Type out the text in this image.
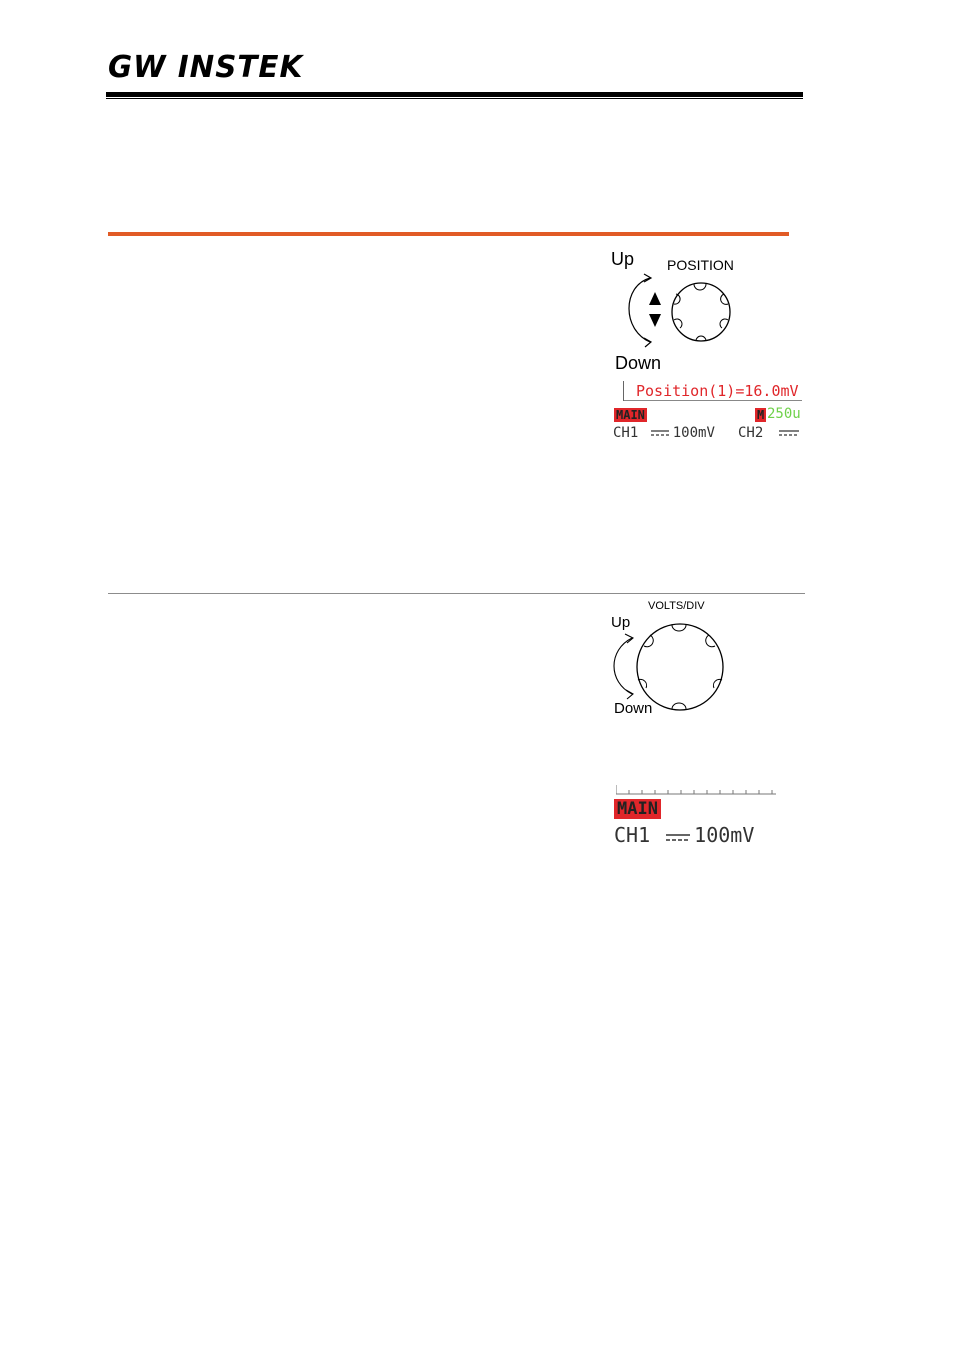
GW INSTEK
Up POSITION
Down
Position(1)=16.0mV
MAIN	M 250u
CH1 100mV CH2
VOLTS/DIV
Up
Down
MAIN
CH1 100mV
